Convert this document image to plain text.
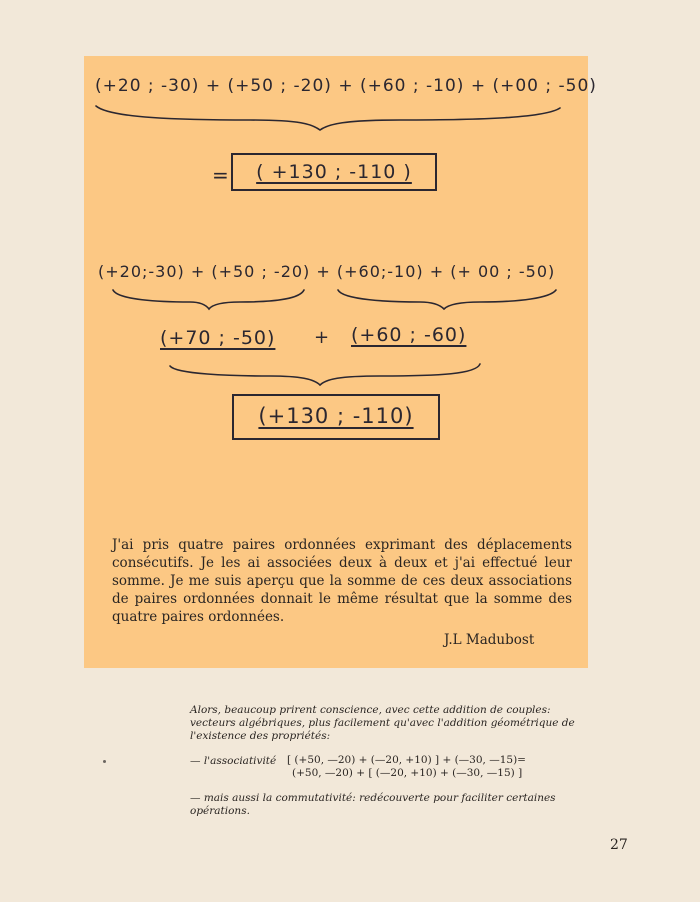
(+20 ; -30) + (+50 ; -20) + (+60 ; -10) + (+00 ; -50)
=	( +130 ; -110 )
(+20;-30) + (+50 ; -20) + (+60;-10) + (+ 00 ; -50)
(+70 ; -50) + (+60 ; -60)
(+130 ; -110)

J'ai pris quatre paires ordonnées exprimant des déplacements consécutifs. Je les ai associées deux à deux et j'ai effectué leur somme. Je me suis aperçu que la somme de ces deux associations de paires ordonnées donnait le même résultat que la somme des quatre paires ordonnées.

J.L Madubost
Alors, beaucoup prirent conscience, avec cette addition de couples: vecteurs algébriques, plus facilement qu'avec l'addition géométrique de l'existence des propriétés:
— l'associativité	[ (+50, —20) + (—20, +10) ] + (—30, —15)=
(+50, —20) + [ (—20, +10) + (—30, —15) ]
— mais aussi la commutativité: redécouverte pour faciliter certaines opérations.
27
